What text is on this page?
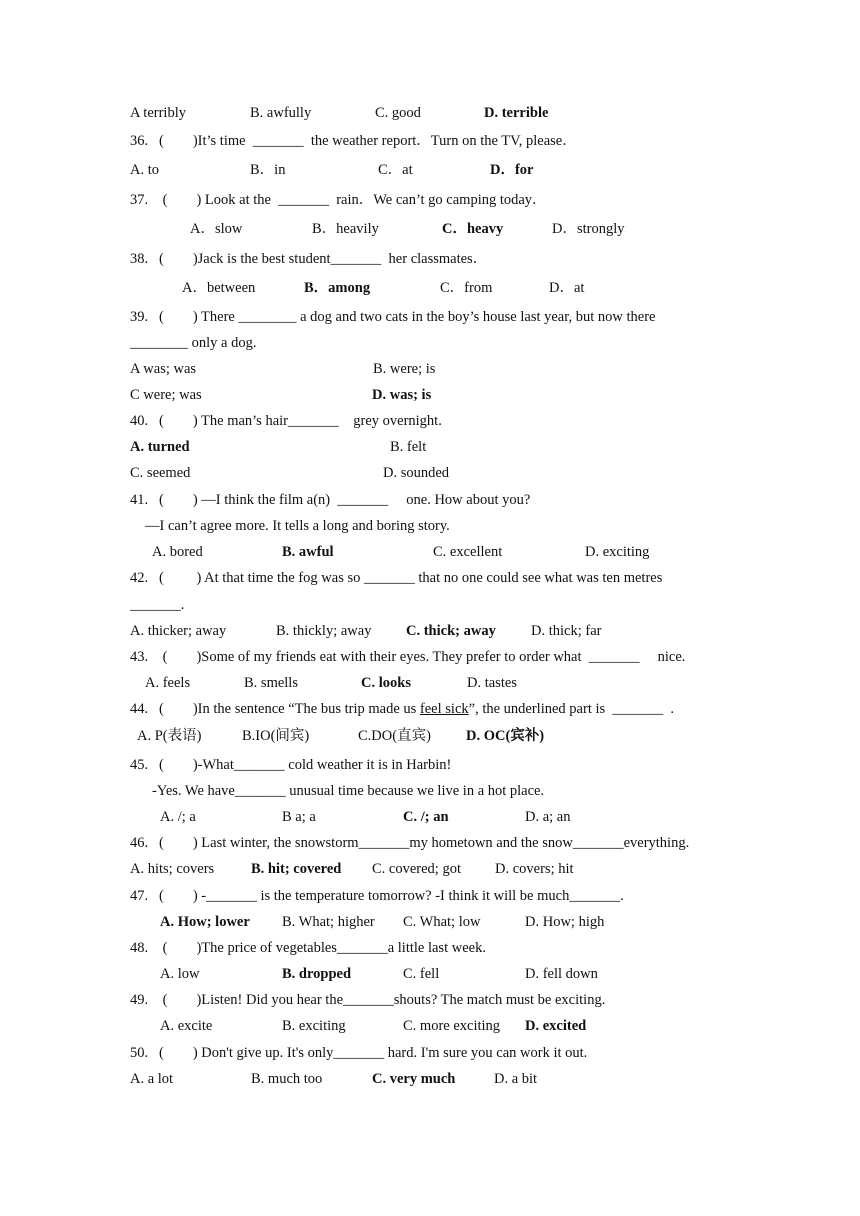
A terribly	B. awfully	C. good	D. terrible
36.   (        )It’s time  _______  the weather report．Turn on the TV, please．
A. to	B．in	C．at	D．for
37.    (        ) Look at the  _______  rain．We can’t go camping today．
A．slow	B．heavily	C．heavy	D．strongly
38.   (        )Jack is the best student_______  her classmates．
A．between	B．among	C．from	D．at
39.   (        ) There ________ a dog and two cats in the boy’s house last year, but now there
________ only a dog.
A was; was	B. were; is
C were; was	D. was; is
40.   (        ) The man’s hair_______    grey overnight.
A. turned	B. felt
C. seemed	D. sounded
41.   (        ) —I think the film a(n)  _______     one. How about you?
—I can’t agree more. It tells a long and boring story.
A. bored	B. awful	C. excellent	D. exciting
42.   (         ) At that time the fog was so _______ that no one could see what was ten metres
_______.
A. thicker; away	B. thickly; away C. thick; away D. thick; far
43.    (        )Some of my friends eat with their eyes. They prefer to order what  _______     nice.
A. feels	B. smells	C. looks	D. tastes
44.   (        )In the sentence “The bus trip made us feel sick”, the underlined part is  _______  .
A. P(表语)	B.IO(间宾)	C.DO(直宾) D. OC(宾补)
45.   (        )-What_______ cold weather it is in Harbin!
-Yes. We have_______ unusual time because we live in a hot place.
A. /; a	B a; a	C. /; an	D. a; an
46.   (        ) Last winter, the snowstorm_______my hometown and the snow_______everything.
A. hits; covers	B. hit; covered C. covered; got D. covers; hit
47.   (        ) -_______ is the temperature tomorrow? -I think it will be much_______.
A. How; lower B. What; higher C. What; low	D. How; high
48.    (        )The price of vegetables_______a little last week.
A. low	B. dropped	C. fell	D. fell down
49.    (        )Listen! Did you hear the_______shouts? The match must be exciting.
A. excite	B. exciting	C. more exciting D. excited
50.   (        ) Don't give up. It's only_______ hard. I'm sure you can work it out.
A. a lot	B. much too	C. very much	D. a bit
